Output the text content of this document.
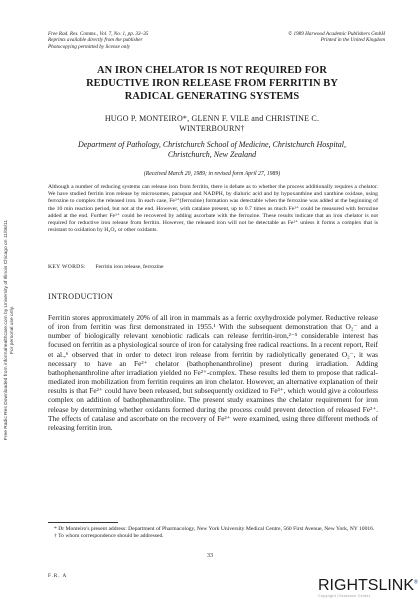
Free Rad. Res. Comms., Vol. 7, No. 1, pp. 33–35
Reprints available directly from the publisher
Photocopying permitted by license only
© 1989 Harwood Academic Publishers GmbH
Printed in the United Kingdom
AN IRON CHELATOR IS NOT REQUIRED FOR
REDUCTIVE IRON RELEASE FROM FERRITIN BY
RADICAL GENERATING SYSTEMS
HUGO P. MONTEIRO*, GLENN F. VILE and CHRISTINE C.
WINTERBOURN†
Department of Pathology, Christchurch School of Medicine, Christchurch Hospital,
Christchurch, New Zealand
(Received March 20, 1989; in revised form April 27, 1989)
Although a number of reducing systems can release iron from ferritin, there is debate as to whether the process additionally requires a chelator. We have studied ferritin iron release by microsomes, paraquat and NADPH, by dialuric acid and by hypoxanthine and xanthine oxidase, using ferrozine to complex the released iron. In each case, Fe²⁺(ferrozine) formation was detectable when the ferrozine was added at the beginning of the 10 min reaction period, but not at the end. However, with catalase present, up to 0.7 times as much Fe²⁺ could be measured with ferrozine added at the end. Further Fe²⁺ could be recovered by adding ascorbate with the ferrozine. These results indicate that an iron chelator is not required for reductive iron release from ferritin. However, the released iron will not be detectable as Fe²⁺ unless it forms a complex that is resistant to oxidation by H₂O₂ or other oxidants.
KEY WORDS: Ferritin iron release, ferrozine
INTRODUCTION
Ferritin stores approximately 20% of all iron in mammals as a ferric oxyhydroxide polymer. Reductive release of iron from ferritin was first demonstrated in 1955.¹ With the subsequent demonstration that O₂⁻ and a number of biologically relevant xenobiotic radicals can release ferritin-iron,²⁻⁵ considerable interest has focused on ferritin as a physiological source of iron for catalysing free radical reactions. In a recent report, Reif et al.,⁶ observed that in order to detect iron release from ferritin by radiolytically generated O₂⁻, it was necessary to have an Fe²⁺ chelator (bathophenanthroline) present during irradiation. Adding bathophenanthroline after irradiation yielded no Fe²⁺-complex. These results led them to propose that radical-mediated iron mobilization from ferritin requires an iron chelator. However, an alternative explanation of their results is that Fe²⁺ could have been released, but subsequently oxidized to Fe³⁺, which would give a colourless complex on addition of bathophenanthroline. The present study examines the chelator requirement for iron release by determining whether oxidants formed during the process could prevent detection of released Fe²⁺. The effects of catalase and ascorbate on the recovery of Fe²⁺ were examined, using three different methods of releasing ferritin iron.
* Dr Monteiro's present address: Department of Pharmacology, New York University Medical Centre, 560 First Avenue, New York, NY 10016.
† To whom correspondence should be addressed.
33
F.R. A
Free Radic Res Downloaded from informahealthcare.com by University of Illinois Chicago on 11/06/11 For personal use only.
RIGHTSLINK®
Copyright Clearance Center
